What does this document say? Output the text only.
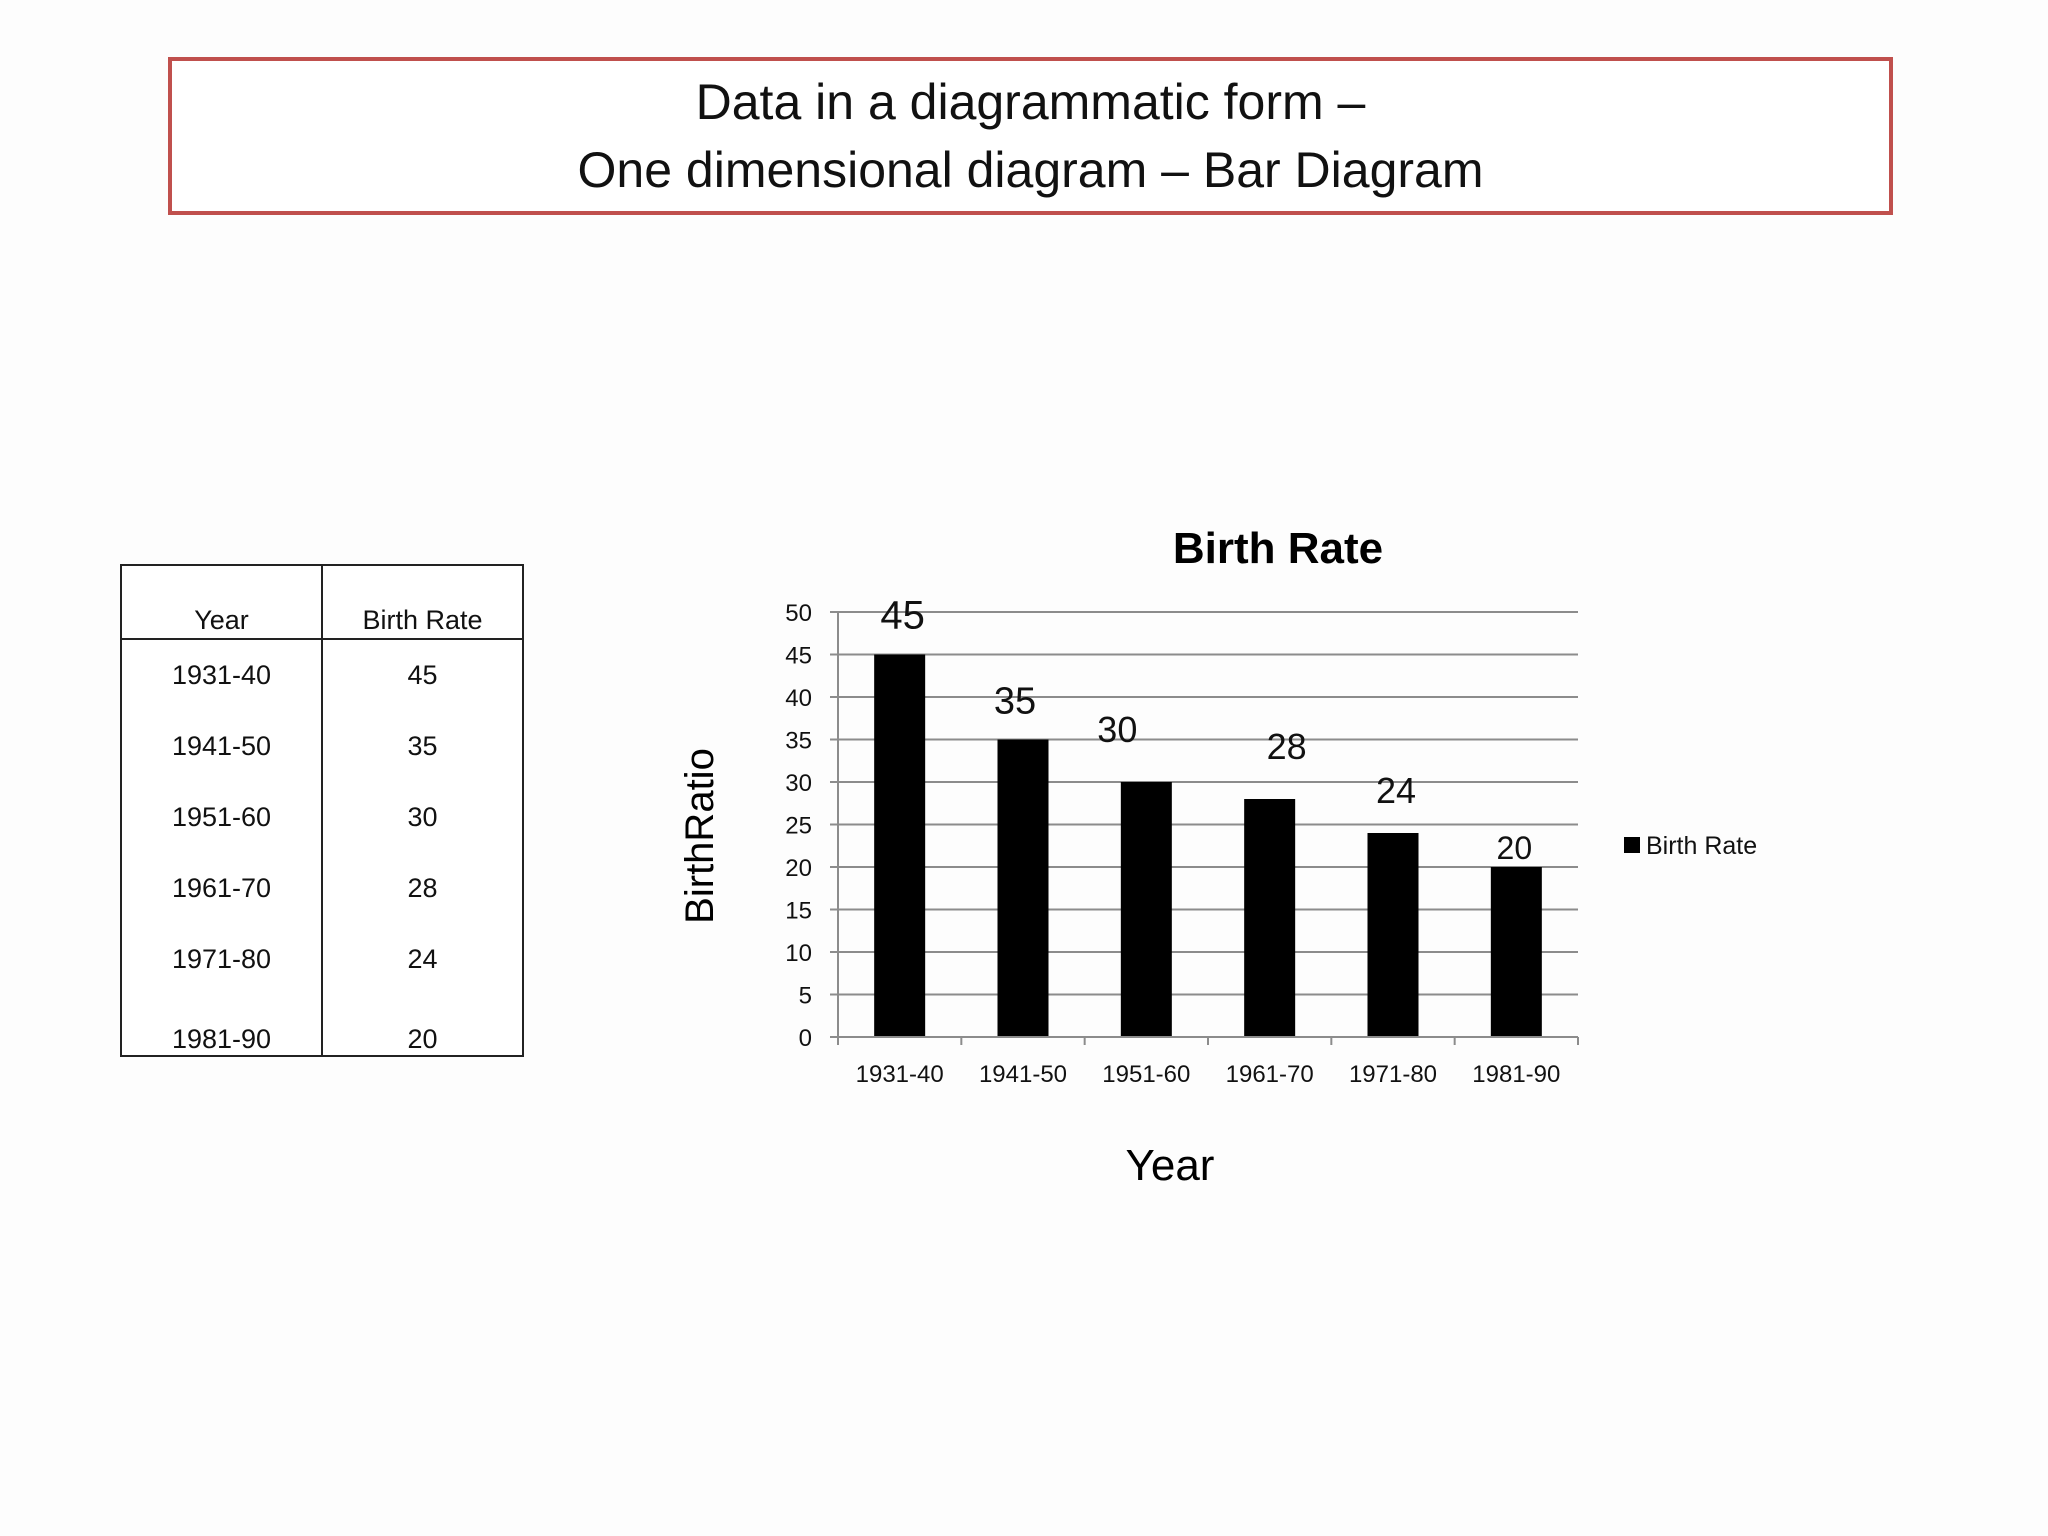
Data in a diagrammatic form –
One dimensional diagram – Bar Diagram
Year	Birth Rate
1931-40	45
1941-50	35
1951-60	30
1961-70	28
1971-80	24
1981-90	20
Birth Rate
BirthRatio
Year
0
5
10
15
20
25
30
35
40
45
50
1931-40 1941-50 1951-60 1961-70 1971-80 1981-90
45
35
30	28
24
20	Birth Rate
